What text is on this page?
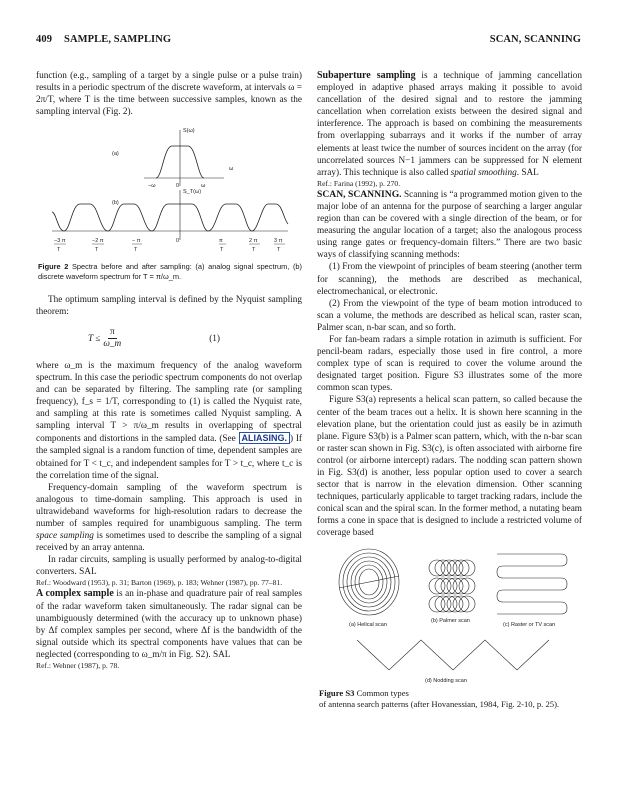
409 SAMPLE, SAMPLING	SCAN, SCANNING

function (e.g., sampling of a target by a single pulse or a pulse train) results in a periodic spectrum of the discrete waveform, at intervals ω = 2π/T, where T is the time between successive samples, known as the sampling interval (Fig. 2).

(a)
S(ω)
ω
−ω	0	ω
(b)
S_T(ω)
−3 π	−2 π	− π	0	π	2 π	3 π
T	T	T	T	T	T
Figure 2 Spectra before and after sampling: (a) analog signal spectrum, (b) discrete waveform spectrum for T = π/ω_m.

The optimum sampling interval is defined by the Nyquist sampling theorem:

$T \le \frac{\pi}{\omega\_m}$	(1)

where ω_m is the maximum frequency of the analog waveform spectrum. In this case the periodic spectrum components do not overlap and can be separated by filtering. The sampling rate (or sampling frequency), f_s = 1/T, corresponding to (1) is called the Nyquist rate, and sampling at this rate is sometimes called Nyquist sampling. A sampling interval T > π/ω_m results in overlapping of spectral components and distortions in the sampled data. (See ALIASING. ) If the sampled signal is a random function of time, dependent samples are obtained for T < t_c, and independent samples for T > t_c, where t_c is the correlation time of the signal.

Frequency-domain sampling of the waveform spectrum is analogous to time-domain sampling. This approach is used in ultrawideband waveforms for high-resolution radars to decrease the number of samples required for unambiguous sampling. The term space sampling is sometimes used to describe the sampling of a signal received by an array antenna.

In radar circuits, sampling is usually performed by analog-to-digital converters. SAL

Ref.: Woodward (1953), p. 31; Barton (1969), p. 183; Wehner (1987), pp. 77–81.

A complex sample is an in-phase and quadrature pair of real samples of the radar waveform taken simultaneously. The radar signal can be unambiguously determined (with the accuracy up to unknown phase) by Δf complex samples per second, where Δf is the bandwidth of the signal outside which its spectral components have values that can be neglected (corresponding to ω_m/π in Fig. S2). SAL

Ref.: Wehner (1987), p. 78.

Subaperture sampling is a technique of jamming cancellation employed in adaptive phased arrays making it possible to avoid cancellation of the desired signal and to restore the jamming cancellation when correlation exists between the desired signal and interference. The approach is based on combining the measurements from overlapping subarrays and it works if the number of array elements at least twice the number of sources incident on the array (for uncorrelated sources N−1 jammers can be suppressed for N element array). This technique is also called spatial smoothing. SAL

Ref.: Farina (1992), p. 270.

SCAN, SCANNING. Scanning is “a programmed motion given to the major lobe of an antenna for the purpose of searching a larger angular region than can be covered with a single direction of the beam, or for measuring the angular location of a target; also the analogous process using range gates or frequency-domain filters.” There are two basic ways of classifying scanning methods:

(1) From the viewpoint of principles of beam steering (another term for scanning), the methods are described as mechanical, electromechanical, or electronic.

(2) From the viewpoint of the type of beam motion introduced to scan a volume, the methods are described as helical scan, raster scan, Palmer scan, n-bar scan, and so forth.

For fan-beam radars a simple rotation in azimuth is sufficient. For pencil-beam radars, especially those used in fire control, a more complex type of scan is required to cover the volume around the designated target position. Figure S3 illustrates some of the more common scan types.

Figure S3(a) represents a helical scan pattern, so called because the center of the beam traces out a helix. It is shown here scanning in the elevation plane, but the orientation could just as easily be in azimuth plane. Figure S3(b) is a Palmer scan pattern, which, with the n-bar scan or raster scan shown in Fig. S3(c), is often associated with airborne fire control (or airborne intercept) radars. The nodding scan pattern shown in Fig. S3(d) is another, less popular option used to cover a search sector that is narrow in the elevation dimension. Other scanning techniques, particularly applicable to target tracking radars, include the conical scan and the spiral scan. In the former method, a nutating beam forms a cone in space that is designed to include a restricted volume of coverage based

(a) Helical scan
(b) Palmer scan
(c) Raster or TV scan
(d) Nodding scan
Figure S3 Common types
of antenna search patterns (after Hovanessian, 1984, Fig. 2-10, p. 25).
